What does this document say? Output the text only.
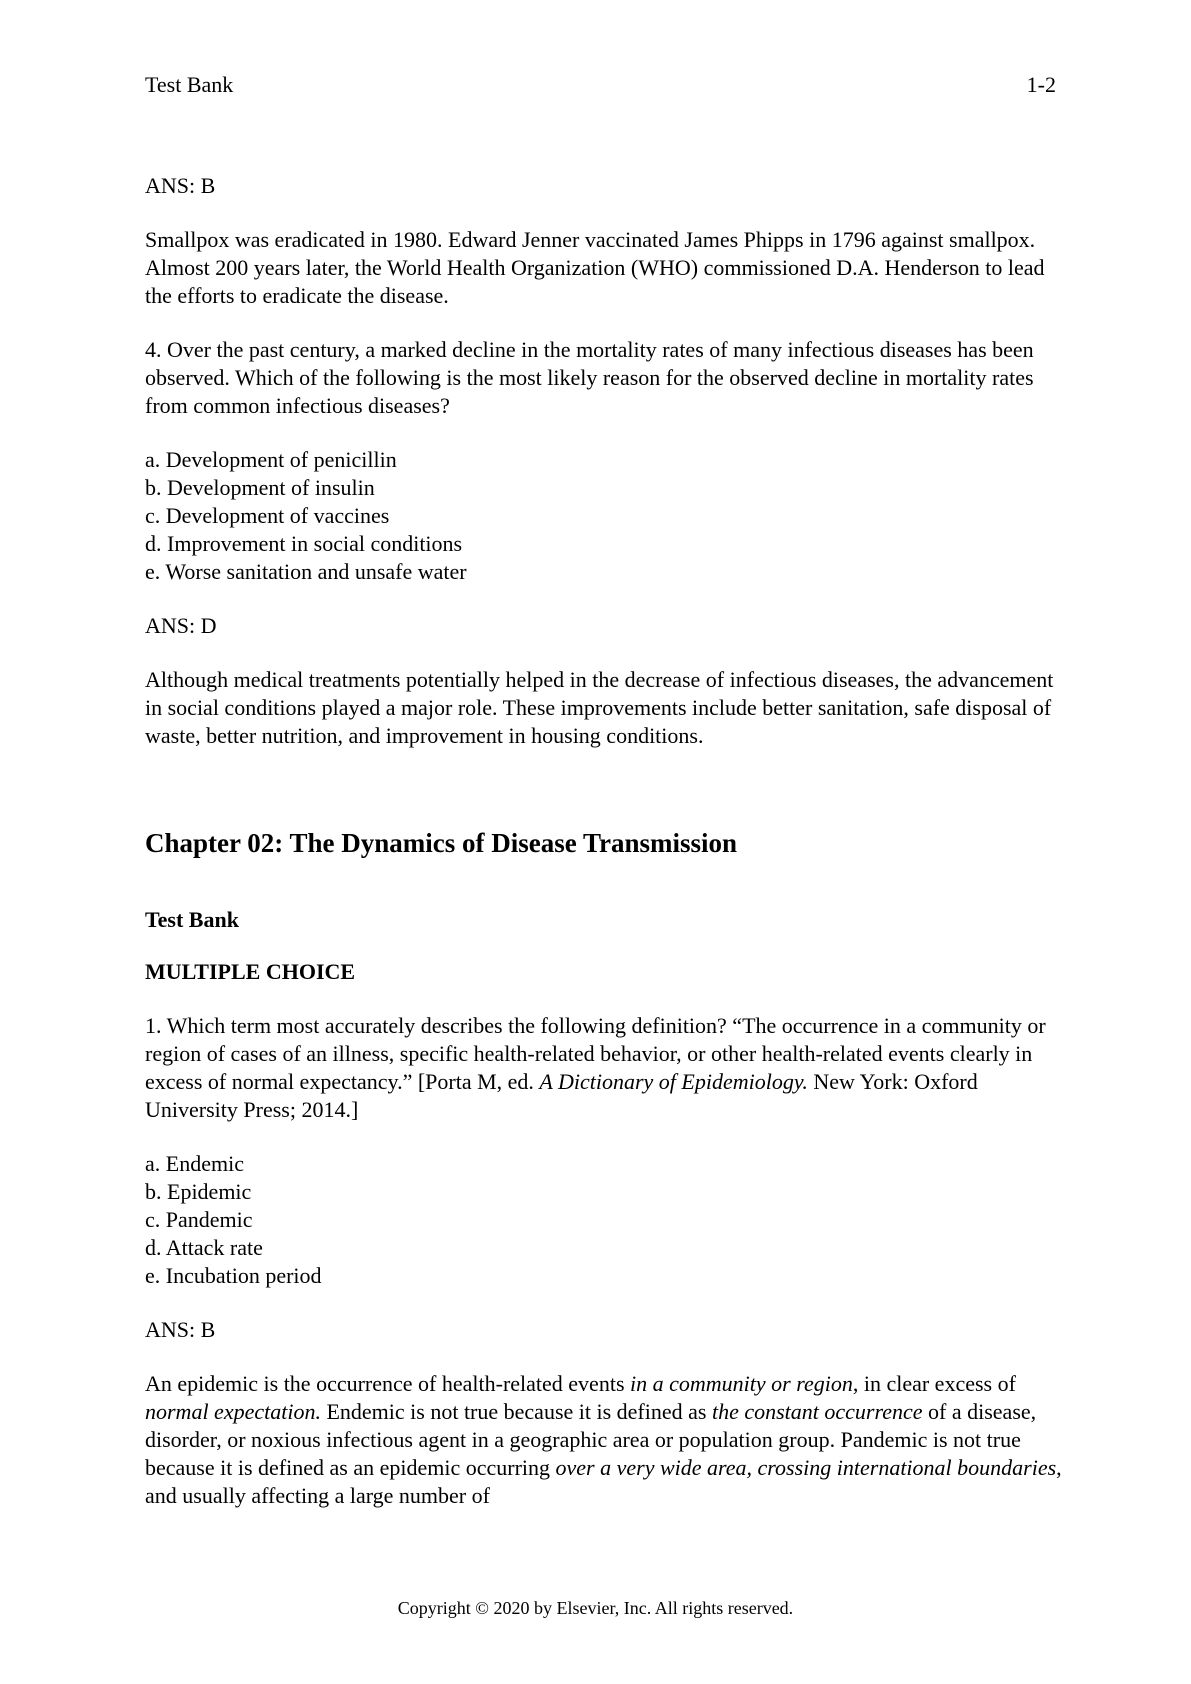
Test Bank	1-2

ANS: B

Smallpox was eradicated in 1980. Edward Jenner vaccinated James Phipps in 1796 against smallpox. Almost 200 years later, the World Health Organization (WHO) commissioned D.A. Henderson to lead the efforts to eradicate the disease.

4. Over the past century, a marked decline in the mortality rates of many infectious diseases has been observed. Which of the following is the most likely reason for the observed decline in mortality rates from common infectious diseases?

a. Development of penicillin

b. Development of insulin

c. Development of vaccines

d. Improvement in social conditions

e. Worse sanitation and unsafe water

ANS: D

Although medical treatments potentially helped in the decrease of infectious diseases, the advancement in social conditions played a major role. These improvements include better sanitation, safe disposal of waste, better nutrition, and improvement in housing conditions.

Chapter 02: The Dynamics of Disease Transmission

Test Bank

MULTIPLE CHOICE

1. Which term most accurately describes the following definition? “The occurrence in a community or region of cases of an illness, specific health-related behavior, or other health-related events clearly in excess of normal expectancy.” [Porta M, ed. A Dictionary of Epidemiology. New York: Oxford University Press; 2014.]

a. Endemic

b. Epidemic

c. Pandemic

d. Attack rate

e. Incubation period

ANS: B

An epidemic is the occurrence of health-related events in a community or region, in clear excess of normal expectation. Endemic is not true because it is defined as the constant occurrence of a disease, disorder, or noxious infectious agent in a geographic area or population group. Pandemic is not true because it is defined as an epidemic occurring over a very wide area, crossing international boundaries, and usually affecting a large number of

Copyright © 2020 by Elsevier, Inc. All rights reserved.
